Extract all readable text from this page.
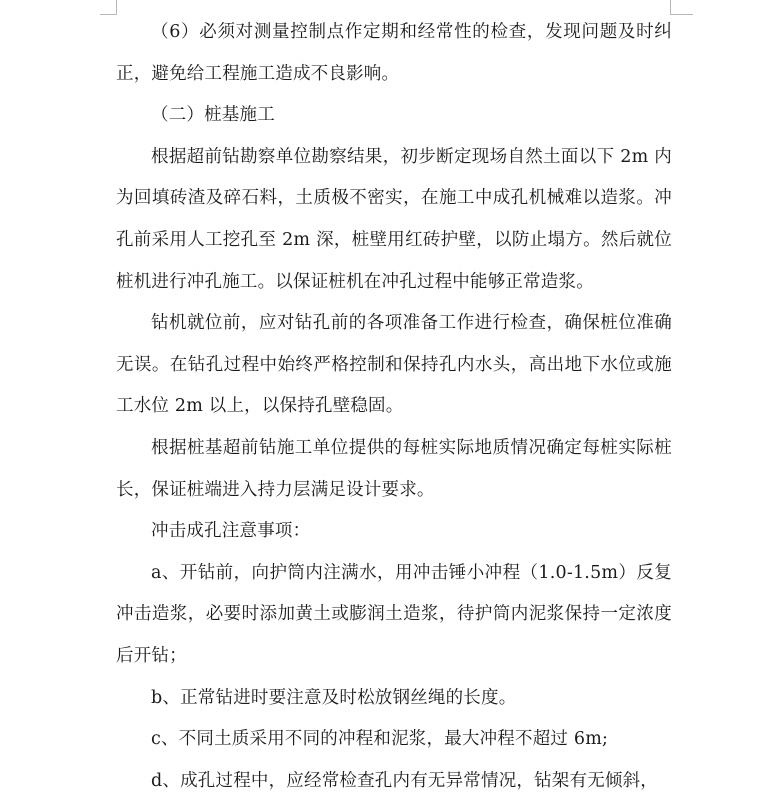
（6）必须对测量控制点作定期和经常性的检查，发现问题及时纠正，避免给工程施工造成不良影响。

（二）桩基施工

根据超前钻勘察单位勘察结果，初步断定现场自然土面以下 2m 内为回填砖渣及碎石料，土质极不密实，在施工中成孔机械难以造浆。冲孔前采用人工挖孔至 2m 深，桩壁用红砖护壁，以防止塌方。然后就位桩机进行冲孔施工。以保证桩机在冲孔过程中能够正常造浆。

钻机就位前，应对钻孔前的各项准备工作进行检查，确保桩位准确无误。在钻孔过程中始终严格控制和保持孔内水头，高出地下水位或施工水位 2m 以上，以保持孔壁稳固。

根据桩基超前钻施工单位提供的每桩实际地质情况确定每桩实际桩长，保证桩端进入持力层满足设计要求。

冲击成孔注意事项：

a、开钻前，向护筒内注满水，用冲击锤小冲程（1.0-1.5m）反复冲击造浆，必要时添加黄土或膨润土造浆，待护筒内泥浆保持一定浓度后开钻；

b、正常钻进时要注意及时松放钢丝绳的长度。

c、不同土质采用不同的冲程和泥浆，最大冲程不超过 6m;

d、成孔过程中，应经常检查孔内有无异常情况，钻架有无倾斜，
